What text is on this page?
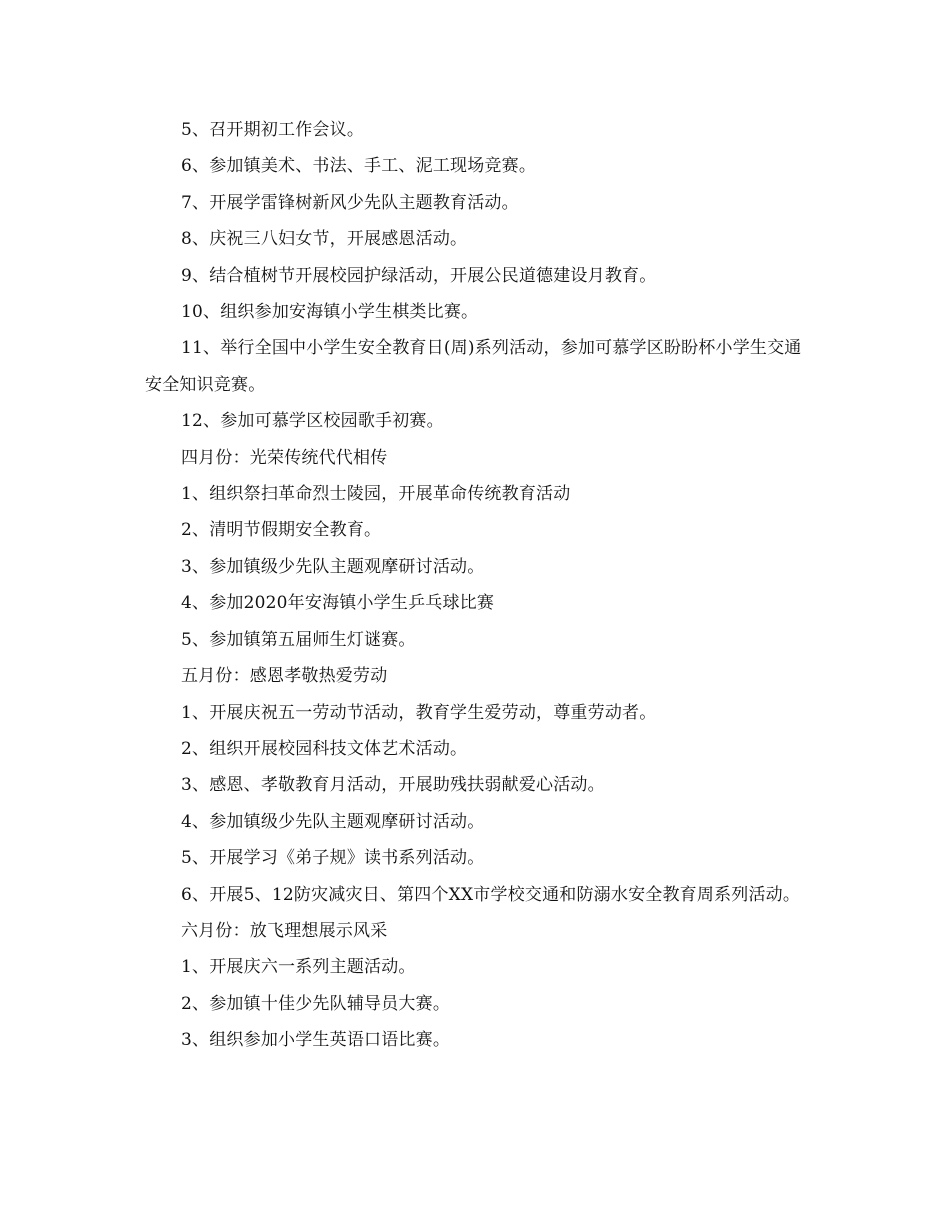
5、召开期初工作会议。

6、参加镇美术、书法、手工、泥工现场竞赛。

7、开展学雷锋树新风少先队主题教育活动。

8、庆祝三八妇女节，开展感恩活动。

9、结合植树节开展校园护绿活动，开展公民道德建设月教育。

10、组织参加安海镇小学生棋类比赛。

11、举行全国中小学生安全教育日(周)系列活动，参加可慕学区盼盼杯小学生交通安全知识竞赛。

12、参加可慕学区校园歌手初赛。

四月份：光荣传统代代相传

1、组织祭扫革命烈士陵园，开展革命传统教育活动

2、清明节假期安全教育。

3、参加镇级少先队主题观摩研讨活动。

4、参加2020年安海镇小学生乒乓球比赛

5、参加镇第五届师生灯谜赛。

五月份：感恩孝敬热爱劳动

1、开展庆祝五一劳动节活动，教育学生爱劳动，尊重劳动者。

2、组织开展校园科技文体艺术活动。

3、感恩、孝敬教育月活动，开展助残扶弱献爱心活动。

4、参加镇级少先队主题观摩研讨活动。

5、开展学习《弟子规》读书系列活动。

6、开展5、12防灾减灾日、第四个XX市学校交通和防溺水安全教育周系列活动。

六月份：放飞理想展示风采

1、开展庆六一系列主题活动。

2、参加镇十佳少先队辅导员大赛。

3、组织参加小学生英语口语比赛。
